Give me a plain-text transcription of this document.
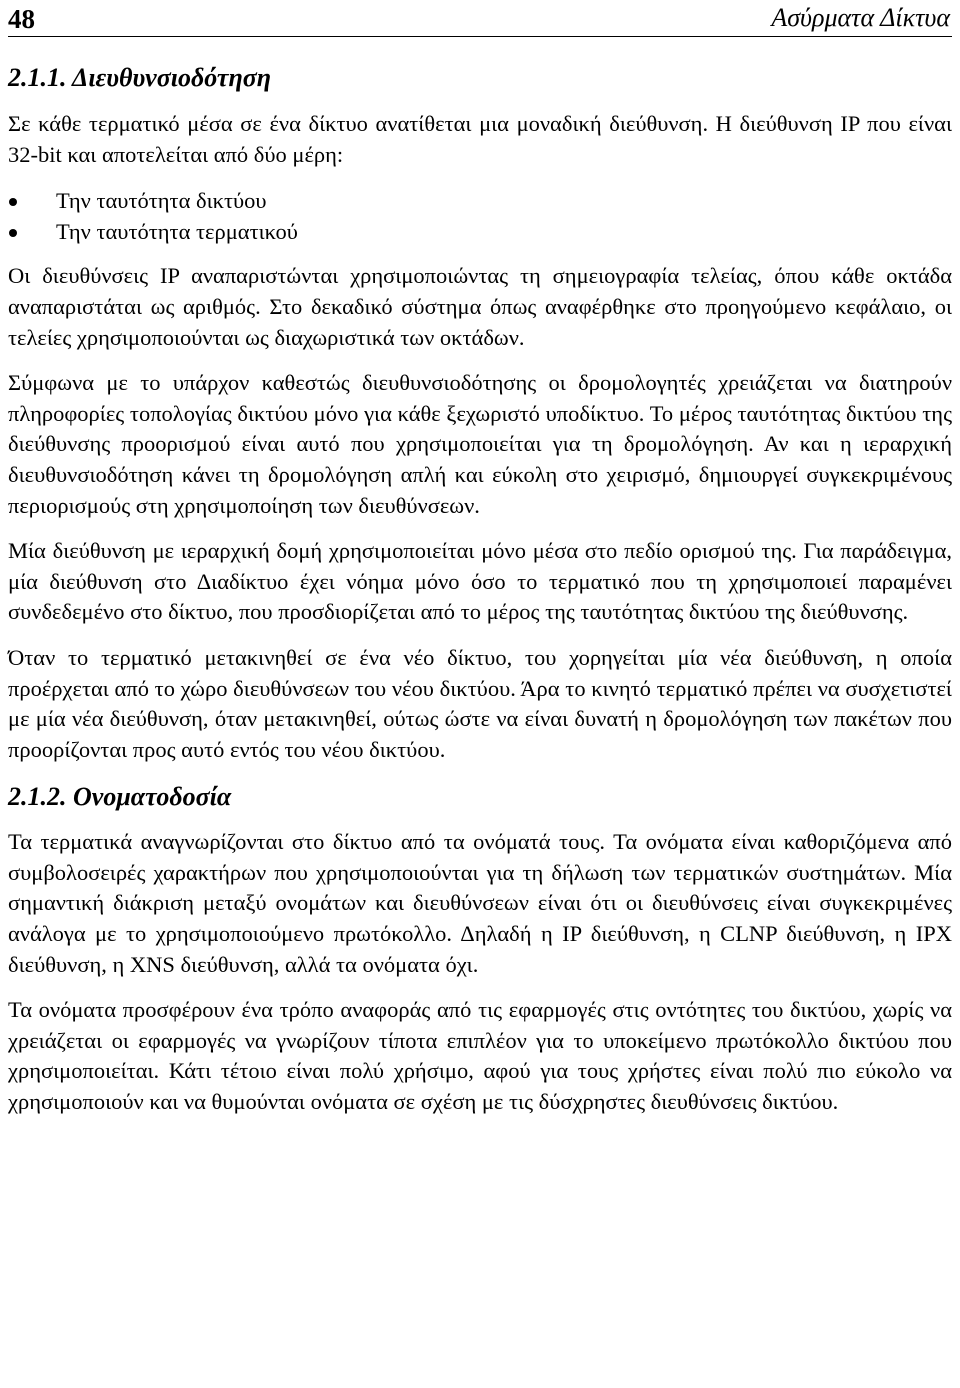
48	Ασύρματα Δίκτυα
2.1.1. Διευθυνσιοδότηση

Σε κάθε τερματικό μέσα σε ένα δίκτυο ανατίθεται μια μοναδική διεύθυνση. Η διεύθυνση IP που είναι 32-bit και αποτελείται από δύο μέρη:

Την ταυτότητα δικτύου
Την ταυτότητα τερματικού

Οι διευθύνσεις IP αναπαριστώνται χρησιμοποιώντας τη σημειογραφία τελείας, όπου κάθε οκτάδα αναπαριστάται ως αριθμός. Στο δεκαδικό σύστημα όπως αναφέρθηκε στο προηγούμενο κεφάλαιο, οι τελείες χρησιμοποιούνται ως διαχωριστικά των οκτάδων.

Σύμφωνα με το υπάρχον καθεστώς διευθυνσιοδότησης οι δρομολογητές χρειάζεται να διατηρούν πληροφορίες τοπολογίας δικτύου μόνο για κάθε ξεχωριστό υποδίκτυο. Το μέρος ταυτότητας δικτύου της διεύθυνσης προορισμού είναι αυτό που χρησιμοποιείται για τη δρομολόγηση. Αν και η ιεραρχική διευθυνσιοδότηση κάνει τη δρομολόγηση απλή και εύκολη στο χειρισμό, δημιουργεί συγκεκριμένους περιορισμούς στη χρησιμοποίηση των διευθύνσεων.

Μία διεύθυνση με ιεραρχική δομή χρησιμοποιείται μόνο μέσα στο πεδίο ορισμού της. Για παράδειγμα, μία διεύθυνση στο Διαδίκτυο έχει νόημα μόνο όσο το τερματικό που τη χρησιμοποιεί παραμένει συνδεδεμένο στο δίκτυο, που προσδιορίζεται από το μέρος της ταυτότητας δικτύου της διεύθυνσης.

Όταν το τερματικό μετακινηθεί σε ένα νέο δίκτυο, του χορηγείται μία νέα διεύθυνση, η οποία προέρχεται από το χώρο διευθύνσεων του νέου δικτύου. Άρα το κινητό τερματικό πρέπει να συσχετιστεί με μία νέα διεύθυνση, όταν μετακινηθεί, ούτως ώστε να είναι δυνατή η δρομολόγηση των πακέτων που προορίζονται προς αυτό εντός του νέου δικτύου.

2.1.2. Ονοματοδοσία

Τα τερματικά αναγνωρίζονται στο δίκτυο από τα ονόματά τους. Τα ονόματα είναι καθοριζόμενα από συμβολοσειρές χαρακτήρων που χρησιμοποιούνται για τη δήλωση των τερματικών συστημάτων. Μία σημαντική διάκριση μεταξύ ονομάτων και διευθύνσεων είναι ότι οι διευθύνσεις είναι συγκεκριμένες ανάλογα με το χρησιμοποιούμενο πρωτόκολλο. Δηλαδή η IP διεύθυνση, η CLNP διεύθυνση, η IPX διεύθυνση, η XNS διεύθυνση, αλλά τα ονόματα όχι.

Τα ονόματα προσφέρουν ένα τρόπο αναφοράς από τις εφαρμογές στις οντότητες του δικτύου, χωρίς να χρειάζεται οι εφαρμογές να γνωρίζουν τίποτα επιπλέον για το υποκείμενο πρωτόκολλο δικτύου που χρησιμοποιείται. Κάτι τέτοιο είναι πολύ χρήσιμο, αφού για τους χρήστες είναι πολύ πιο εύκολο να χρησιμοποιούν και να θυμούνται ονόματα σε σχέση με τις δύσχρηστες διευθύνσεις δικτύου.
